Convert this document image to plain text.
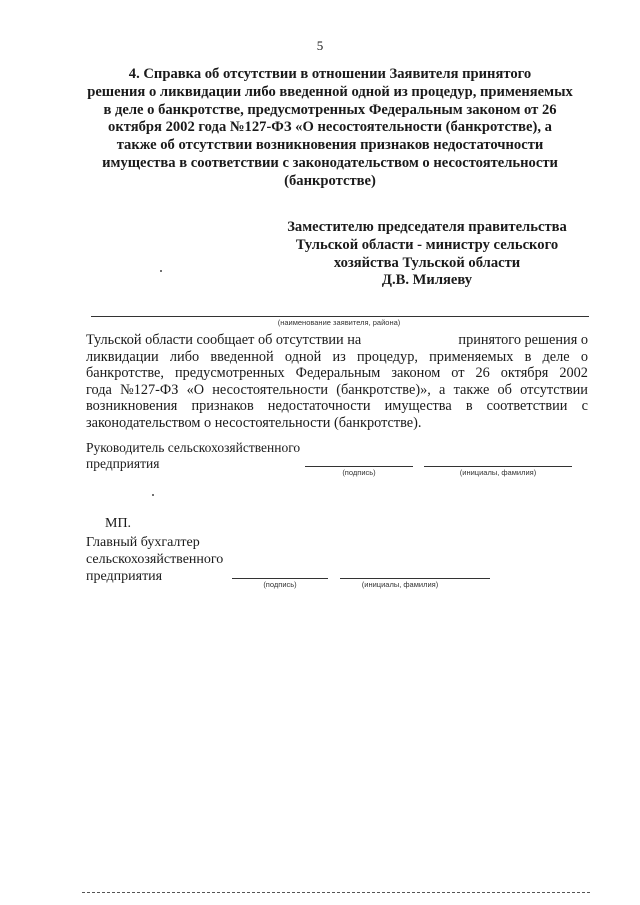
5
4. Справка об отсутствии в отношении Заявителя принятого
решения о ликвидации либо введенной одной из процедур, применяемых
в деле о банкротстве, предусмотренных Федеральным законом от 26
октября 2002 года №127-ФЗ «О несостоятельности (банкротстве), а
также об отсутствии возникновения признаков недостаточности
имущества в соответствии с законодательством о несостоятельности
(банкротстве)
Заместителю председателя правительства
Тульской области - министру сельского
хозяйства Тульской области
Д.В. Миляеву
(наименование заявителя, района)
Тульской области сообщает об отсутствии на	принятого решения о
ликвидации либо введенной одной из процедур, применяемых в деле о
банкротстве, предусмотренных Федеральным законом от 26 октября 2002
года №127-ФЗ «О несостоятельности (банкротстве)», а также об отсутствии
возникновения признаков недостаточности имущества в соответствии с
законодательством о несостоятельности (банкротстве).
Руководитель сельскохозяйственного
предприятия
(подпись)	(инициалы, фамилия)
МП.
Главный бухгалтер
сельскохозяйственного
предприятия
(подпись)	(инициалы, фамилия)
